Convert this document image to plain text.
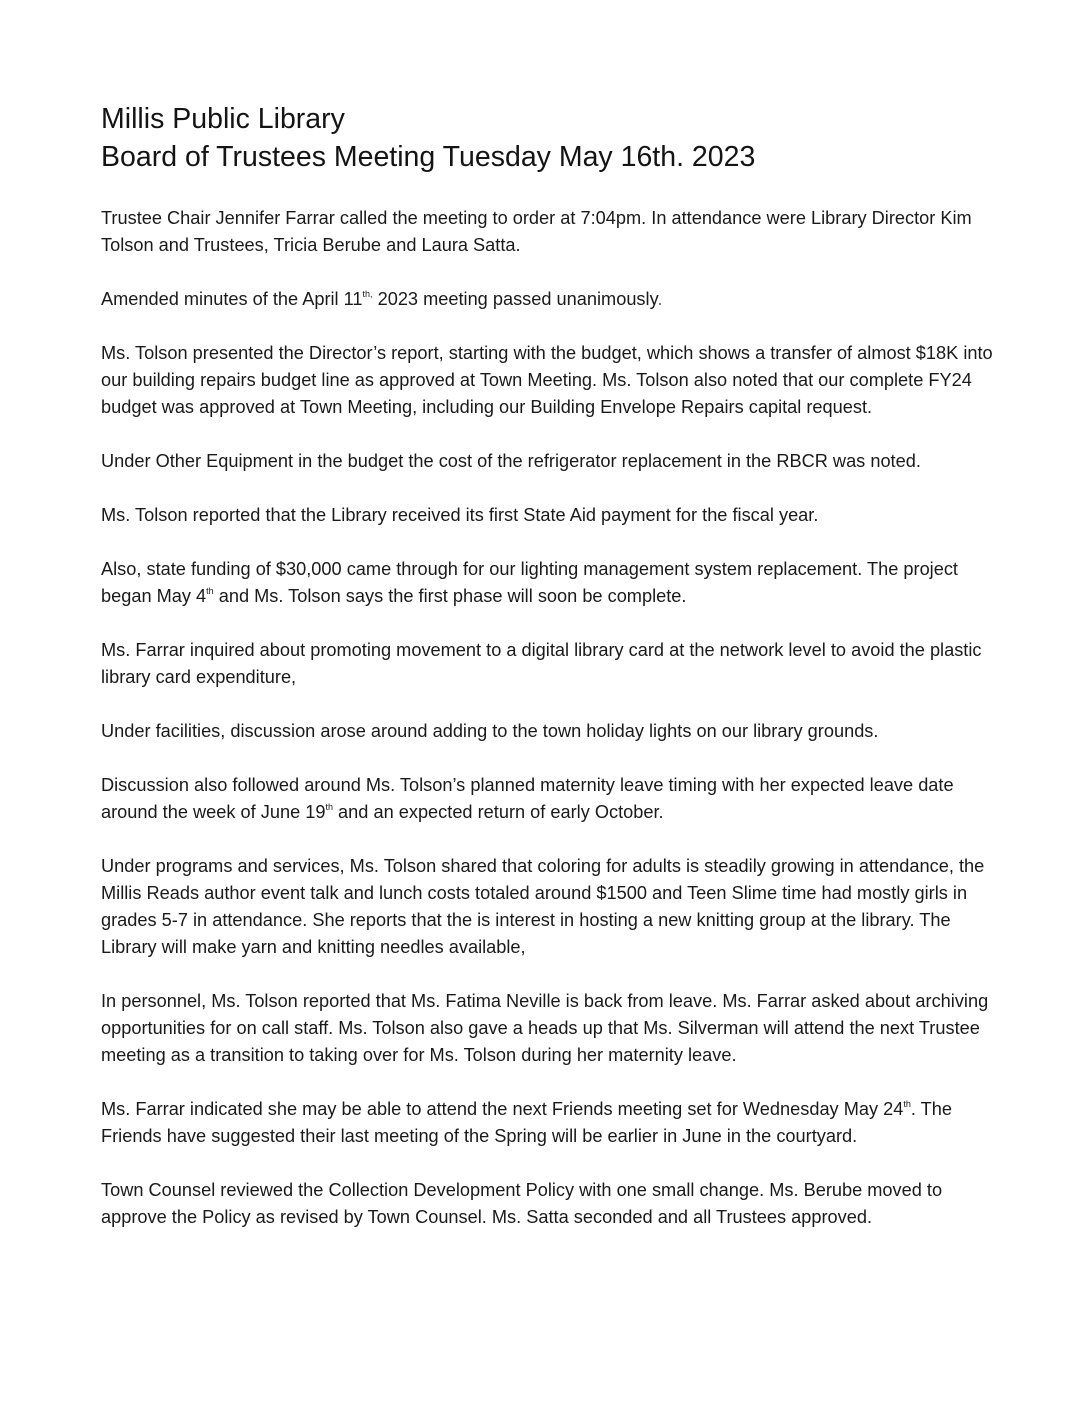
Millis Public Library

Board of Trustees Meeting Tuesday May 16th. 2023

Trustee Chair Jennifer Farrar called the meeting to order at 7:04pm. In attendance were Library Director Kim Tolson and Trustees, Tricia Berube and Laura Satta.

Amended minutes of the April $11^{th,}$ 2023 meeting passed unanimously.

Ms. Tolson presented the Director’s report, starting with the budget, which shows a transfer of almost $18K into our building repairs budget line as approved at Town Meeting. Ms. Tolson also noted that our complete FY24 budget was approved at Town Meeting, including our Building Envelope Repairs capital request.

Under Other Equipment in the budget the cost of the refrigerator replacement in the RBCR was noted.

Ms. Tolson reported that the Library received its first State Aid payment for the fiscal year.

Also, state funding of $30,000 came through for our lighting management system replacement. The project began May 4th and Ms. Tolson says the first phase will soon be complete.

Ms. Farrar inquired about promoting movement to a digital library card at the network level to avoid the plastic library card expenditure,

Under facilities, discussion arose around adding to the town holiday lights on our library grounds.

Discussion also followed around Ms. Tolson’s planned maternity leave timing with her expected leave date around the week of June 19th and an expected return of early October.

Under programs and services, Ms. Tolson shared that coloring for adults is steadily growing in attendance, the Millis Reads author event talk and lunch costs totaled around $1500 and Teen Slime time had mostly girls in grades 5-7 in attendance. She reports that the is interest in hosting a new knitting group at the library. The Library will make yarn and knitting needles available,

In personnel, Ms. Tolson reported that Ms. Fatima Neville is back from leave. Ms. Farrar asked about archiving opportunities for on call staff. Ms. Tolson also gave a heads up that Ms. Silverman will attend the next Trustee meeting as a transition to taking over for Ms. Tolson during her maternity leave.

Ms. Farrar indicated she may be able to attend the next Friends meeting set for Wednesday May 24th. The Friends have suggested their last meeting of the Spring will be earlier in June in the courtyard.

Town Counsel reviewed the Collection Development Policy with one small change. Ms. Berube moved to approve the Policy as revised by Town Counsel. Ms. Satta seconded and all Trustees approved.
